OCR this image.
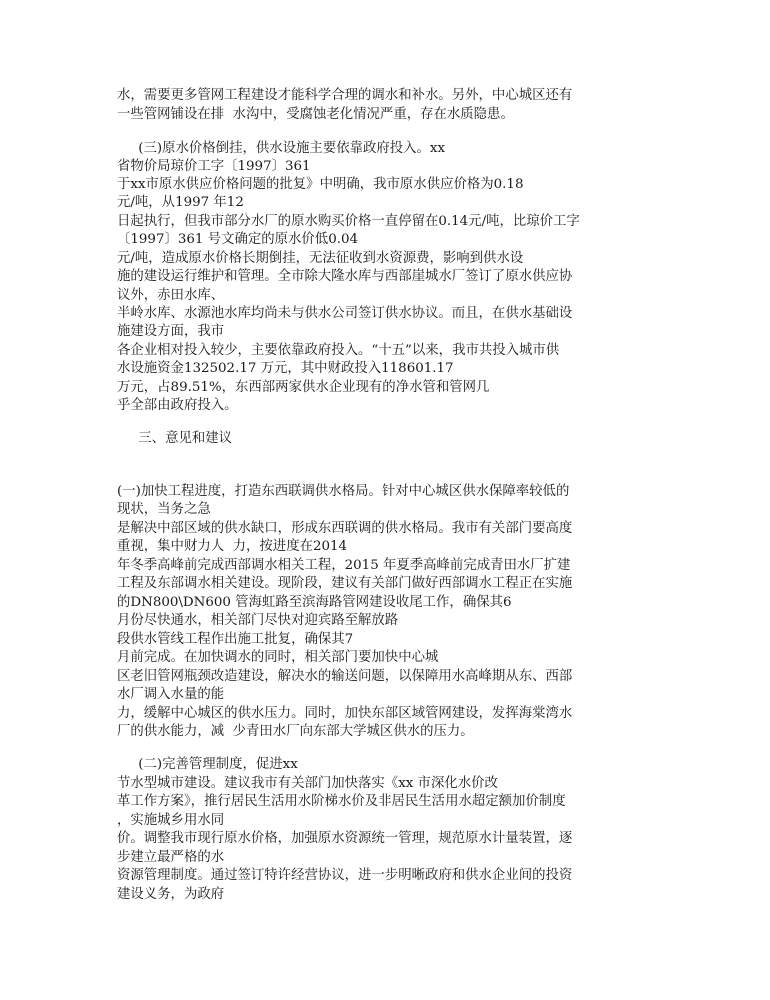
水，需要更多管网工程建设才能科学合理的调水和补水。另外，中心城区还有
一些管网铺设在排  水沟中，受腐蚀老化情况严重，存在水质隐患。
(三)原水价格倒挂，供水设施主要依靠政府投入。xx
省物价局琼价工字〔1997〕361
于xx市原水供应价格问题的批复》中明确，我市原水供应价格为0.18
元/吨，从1997 年12
日起执行，但我市部分水厂的原水购买价格一直停留在0.14元/吨，比琼价工字
〔1997〕361 号文确定的原水价低0.04
元/吨，造成原水价格长期倒挂，无法征收到水资源费，影响到供水设
施的建设运行维护和管理。全市除大隆水库与西部崖城水厂签订了原水供应协
议外，赤田水库、
半岭水库、水源池水库均尚未与供水公司签订供水协议。而且，在供水基础设
施建设方面，我市
各企业相对投入较少，主要依靠政府投入。“十五”以来，我市共投入城市供
水设施资金132502.17 万元，其中财政投入118601.17
万元，占89.51%，东西部两家供水企业现有的净水管和管网几
乎全部由政府投入。
三、意见和建议
(一)加快工程进度，打造东西联调供水格局。针对中心城区供水保障率较低的
现状，当务之急
是解决中部区域的供水缺口，形成东西联调的供水格局。我市有关部门要高度
重视，集中财力人  力，按进度在2014
年冬季高峰前完成西部调水相关工程，2015 年夏季高峰前完成青田水厂扩建
工程及东部调水相关建设。现阶段，建议有关部门做好西部调水工程正在实施
的DN800\DN600 管海虹路至滨海路管网建设收尾工作，确保其6
月份尽快通水，相关部门尽快对迎宾路至解放路
段供水管线工程作出施工批复，确保其7
月前完成。在加快调水的同时，相关部门要加快中心城
区老旧管网瓶颈改造建设，解决水的输送问题，以保障用水高峰期从东、西部
水厂调入水量的能
力，缓解中心城区的供水压力。同时，加快东部区域管网建设，发挥海棠湾水
厂的供水能力，减  少青田水厂向东部大学城区供水的压力。
(二)完善管理制度，促进xx
节水型城市建设。建议我市有关部门加快落实《xx 市深化水价改
革工作方案》，推行居民生活用水阶梯水价及非居民生活用水超定额加价制度
，实施城乡用水同
价。调整我市现行原水价格，加强原水资源统一管理，规范原水计量装置，逐
步建立最严格的水
资源管理制度。通过签订特许经营协议，进一步明晰政府和供水企业间的投资
建设义务，为政府
